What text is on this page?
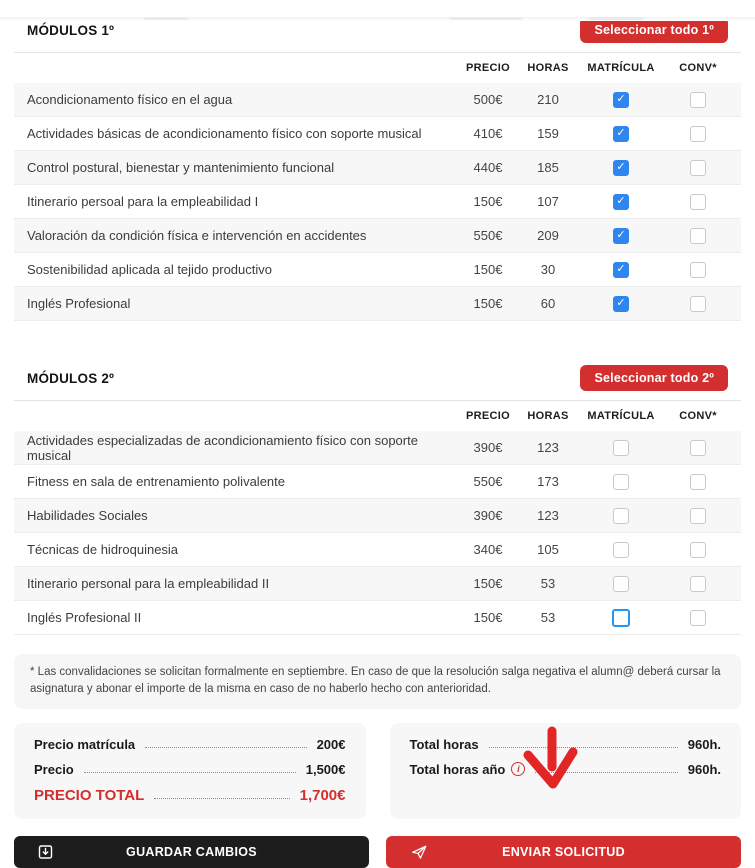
MÓDULOS 1º	Seleccionar todo 1º
PRECIO	HORAS	MATRÍCULA	CONV*
Acondicionamento físico en el agua	500€	210
✓
Actividades básicas de acondicionamento físico con soporte musical	410€	159
✓
Control postural, bienestar y mantenimiento funcional	440€	185
✓
Itinerario persoal para la empleabilidad I	150€	107
✓
Valoración da condición física e intervención en accidentes	550€	209
✓
Sostenibilidad aplicada al tejido productivo	150€	30
✓
Inglés Profesional	150€	60
✓
MÓDULOS 2º	Seleccionar todo 2º
PRECIO	HORAS	MATRÍCULA	CONV*
Actividades especializadas de acondicionamiento físico con soporte musical	390€	123
Fitness en sala de entrenamiento polivalente	550€	173
Habilidades Sociales	390€	123
Técnicas de hidroquinesia	340€	105
Itinerario personal para la empleabilidad II	150€	53
Inglés Profesional II	150€	53
* Las convalidaciones se solicitan formalmente en septiembre. En caso de que la resolución salga negativa el alumn@ deberá cursar la asignatura y abonar el importe de la misma en caso de no haberlo hecho con anterioridad.
Precio matrícula	200€
Precio	1,500€
PRECIO TOTAL	1,700€
Total horas	960h.
Total horas año	i	960h.
GUARDAR CAMBIOS	ENVIAR SOLICITUD
